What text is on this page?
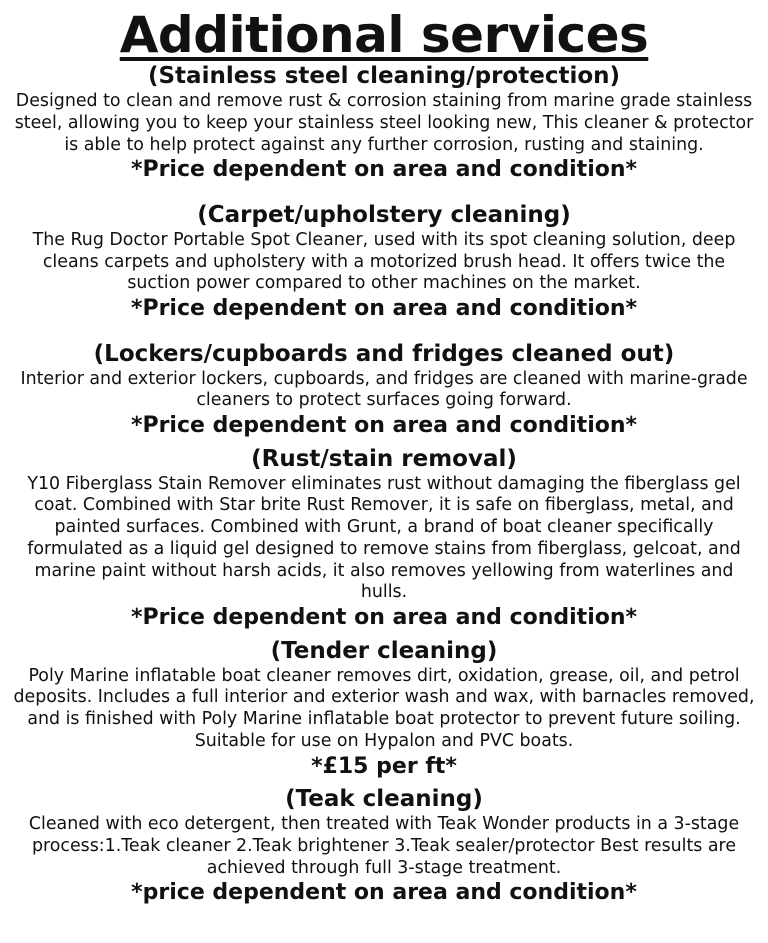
Additional services
(Stainless steel cleaning/protection)
Designed to clean and remove rust & corrosion staining from marine grade stainless steel, allowing you to keep your stainless steel looking new, This cleaner & protector is able to help protect against any further corrosion, rusting and staining.
*Price dependent on area and condition*
(Carpet/upholstery cleaning)
The Rug Doctor Portable Spot Cleaner, used with its spot cleaning solution, deep cleans carpets and upholstery with a motorized brush head. It offers twice the suction power compared to other machines on the market.
*Price dependent on area and condition*
(Lockers/cupboards and fridges cleaned out)
Interior and exterior lockers, cupboards, and fridges are cleaned with marine-grade cleaners to protect surfaces going forward.
*Price dependent on area and condition*
(Rust/stain removal)
Y10 Fiberglass Stain Remover eliminates rust without damaging the fiberglass gel coat. Combined with Star brite Rust Remover, it is safe on fiberglass, metal, and painted surfaces. Combined with Grunt, a brand of boat cleaner specifically formulated as a liquid gel designed to remove stains from fiberglass, gelcoat, and marine paint without harsh acids, it also removes yellowing from waterlines and hulls.
*Price dependent on area and condition*
(Tender cleaning)
Poly Marine inflatable boat cleaner removes dirt, oxidation, grease, oil, and petrol deposits. Includes a full interior and exterior wash and wax, with barnacles removed, and is finished with Poly Marine inflatable boat protector to prevent future soiling. Suitable for use on Hypalon and PVC boats.
*£15 per ft*
(Teak cleaning)
Cleaned with eco detergent, then treated with Teak Wonder products in a 3-stage process:1.Teak cleaner 2.Teak brightener 3.Teak sealer/protector Best results are achieved through full 3-stage treatment.
*price dependent on area and condition*
